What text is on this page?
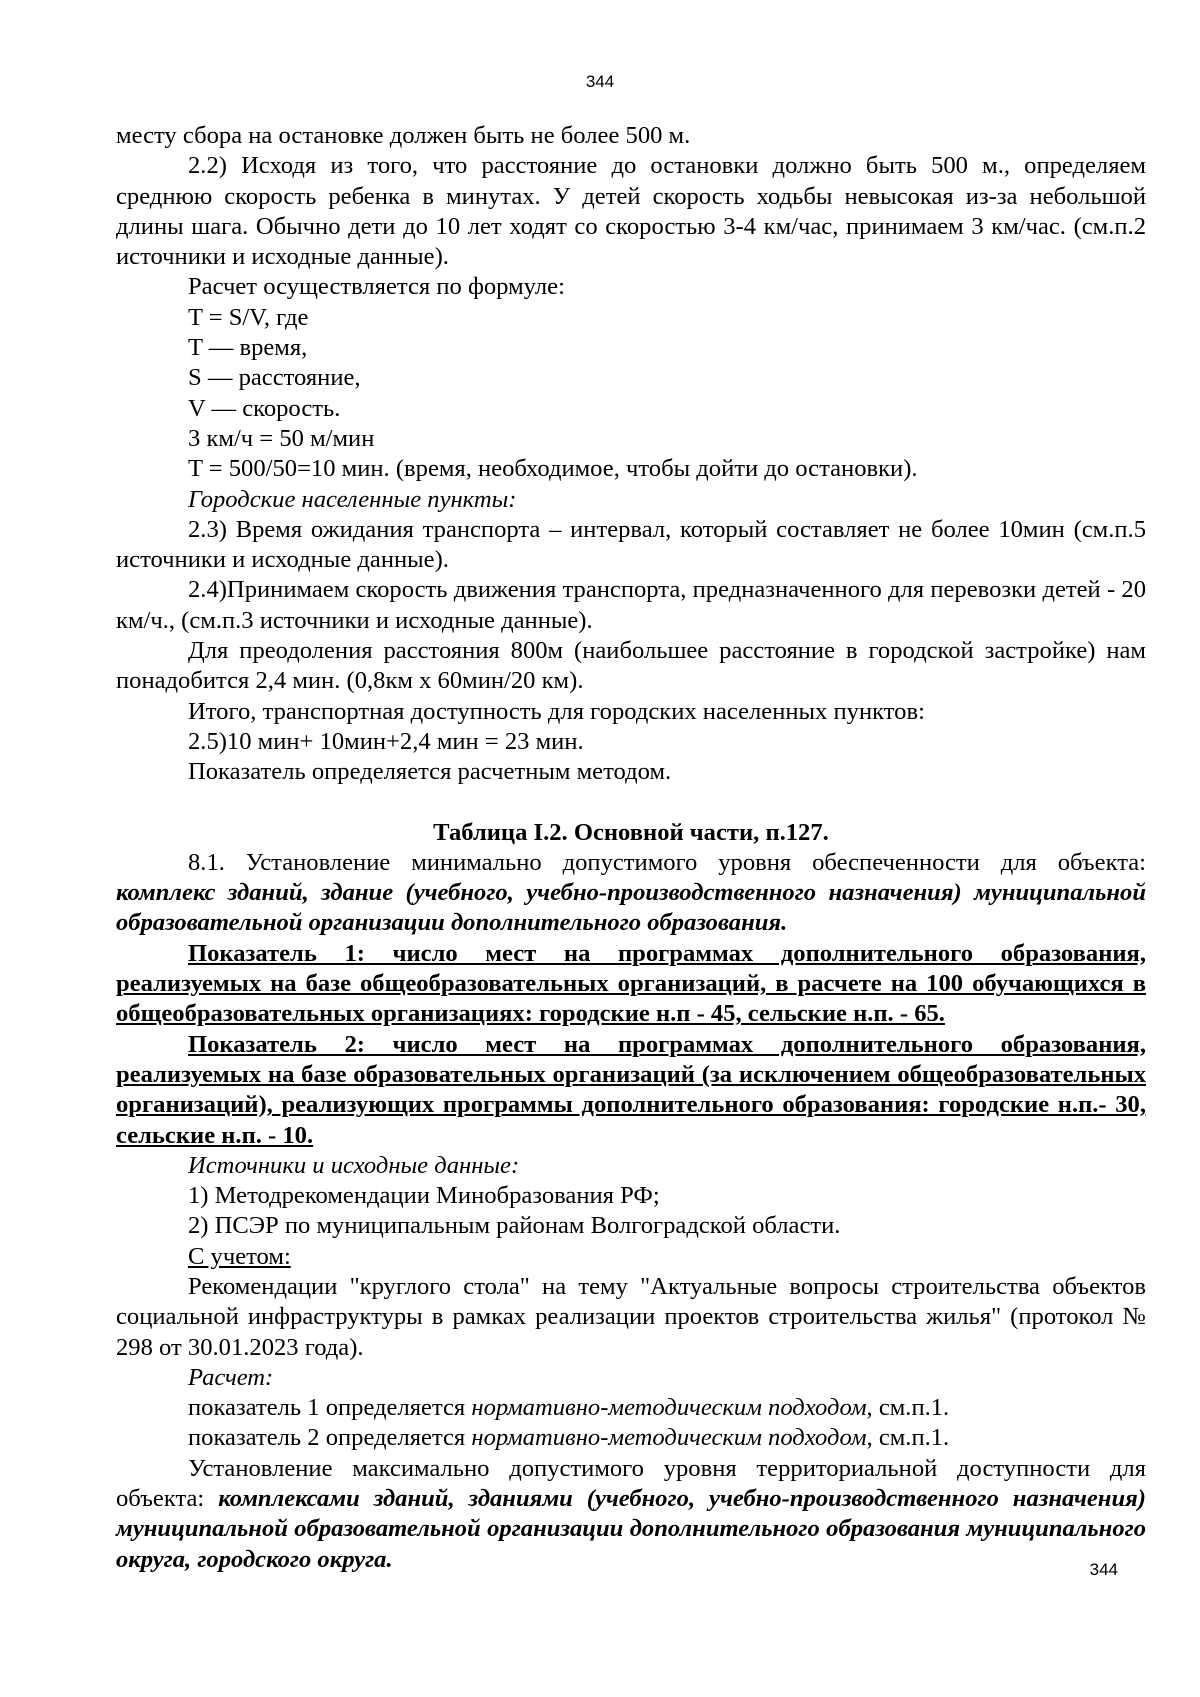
344

месту сбора на остановке должен быть не более 500 м.

2.2) Исходя из того, что расстояние до остановки должно быть 500 м., определяем среднюю скорость ребенка в минутах. У детей скорость ходьбы невысокая из-за небольшой длины шага. Обычно дети до 10 лет ходят со скоростью 3-4 км/час, принимаем 3 км/час. (см.п.2 источники и исходные данные).

Расчет осуществляется по формуле:

T = S/V, где

T — время,

S — расстояние,

V — скорость.

3 км/ч = 50 м/мин

T = 500/50=10 мин. (время, необходимое, чтобы дойти до остановки).

Городские населенные пункты:

2.3) Время ожидания транспорта – интервал, который составляет не более 10мин (см.п.5 источники и исходные данные).

2.4)Принимаем скорость движения транспорта, предназначенного для перевозки детей - 20 км/ч., (см.п.3 источники и исходные данные).

Для преодоления расстояния 800м (наибольшее расстояние в городской застройке) нам понадобится 2,4 мин. (0,8км х 60мин/20 км).

Итого, транспортная доступность для городских населенных пунктов:

2.5)10 мин+ 10мин+2,4 мин = 23 мин.

Показатель определяется расчетным методом.

Таблица I.2. Основной части, п.127.

8.1. Установление минимально допустимого уровня обеспеченности для объекта: комплекс зданий, здание (учебного, учебно-производственного назначения) муниципальной образовательной организации дополнительного образования.

Показатель 1: число мест на программах дополнительного образования, реализуемых на базе общеобразовательных организаций, в расчете на 100 обучающихся в общеобразовательных организациях: городские н.п - 45, сельские н.п. - 65.

Показатель 2: число мест на программах дополнительного образования, реализуемых на базе образовательных организаций (за исключением общеобразовательных организаций), реализующих программы дополнительного образования: городские н.п.- 30, сельские н.п. - 10.

Источники и исходные данные:

1) Методрекомендации Минобразования РФ;

2) ПСЭР по муниципальным районам Волгоградской области.

С учетом:

Рекомендации "круглого стола" на тему "Актуальные вопросы строительства объектов социальной инфраструктуры в рамках реализации проектов строительства жилья" (протокол № 298 от 30.01.2023 года).

Расчет:

показатель 1 определяется нормативно-методическим подходом, см.п.1.

показатель 2 определяется нормативно-методическим подходом, см.п.1.

Установление максимально допустимого уровня территориальной доступности для объекта: комплексами зданий, зданиями (учебного, учебно-производственного назначения) муниципальной образовательной организации дополнительного образования муниципального округа, городского округа.	344
